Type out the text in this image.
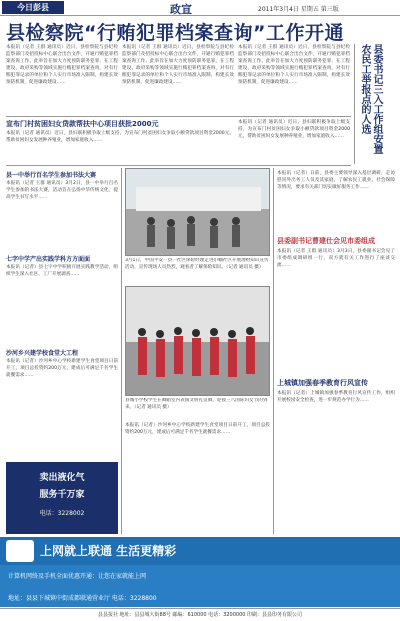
今日彭县	政宣	2011年3月4日 星期五 第三版
县检察院“行贿犯罪档案查询”工作开通
本报讯（记者 王群 通讯员）近日，县检察院与县纪检监察部门及招投标中心联合出台文件，开通行贿犯罪档案查询工作。此举旨在加大力度预防职务犯罪，在工程建设、政府采购等领域实施行贿犯罪档案查询，对有行贿犯罪记录的单位和个人实行市场准入限制，构建长效预防机制，促进廉政建设……
本报讯（记者 王群 通讯员）近日，县检察院与县纪检监察部门及招投标中心联合出台文件，开通行贿犯罪档案查询工作。此举旨在加大力度预防职务犯罪，在工程建设、政府采购等领域实施行贿犯罪档案查询，对有行贿犯罪记录的单位和个人实行市场准入限制，构建长效预防机制，促进廉政建设……
本报讯（记者 王群 通讯员）近日，县检察院与县纪检监察部门及招投标中心联合出台文件，开通行贿犯罪档案查询工作。此举旨在加大力度预防职务犯罪，在工程建设、政府采购等领域实施行贿犯罪档案查询，对有行贿犯罪记录的单位和个人实行市场准入限制，构建长效预防机制，促进廉政建设……
宣布门村贫困妇女贷款帮扶中心项目获批2000元
本报讯（记者 通讯员）近日，县妇联积极争取上级支持，为宣布门村贫困妇女争取小额贷款项目资金2000元，帮助贫困妇女发展种养殖业，增加家庭收入……
本报讯（记者 通讯员）近日，县妇联积极争取上级支持，为宣布门村贫困妇女争取小额贷款项目资金2000元，帮助贫困妇女发展种养殖业，增加家庭收入……	县委书记三入工作组安置农民工举报点的人选
县一中举行百名学生参加书法大赛
本报讯（记者 王群 通讯员）3月2日，县一中举行百名学生参加的书法大赛，活动旨在弘扬中华传统文化，提高学生书写水平……
七字中学产出实践学科方方面面
本报讯（记者）县七字中学积极开展实践教学活动，组织学生深入社区、工厂开展调查……
沙河乡兴建学校食堂大工程
本报讯（记者）沙河乡中心学校新建学生食堂项目日前开工，项目总投资约200万元，建成后可满足千名学生就餐需求……
卖出液化气
服务千万家
电话：3228002
3月1日，中国平安一县一社区保险经理走进巾帼社区开展理财知识宣传活动，宣传现场人员热烈，观看者了解保险知识。（记者 通讯员 摄）
县城小学校学生在舞蹈室内表演文明礼仪舞，迎接三八国际妇女节的到来。（记者 通讯员 摄）
县委副书记曹建仕会见市委组成
本报讯（记者 王群 通讯员）3月3日，县委副书记会见了市委组成调研组一行，双方就有关工作进行了座谈交流……
本报讯（记者）日前，县委主要领导深入基层调研，走访慰问外出务工人员及其家庭，了解农民工就业、社会保障等情况，要求有关部门切实做好服务工作……
上城镇加强春季教育行风宣传
本报讯（记者）上城镇加强春季教育行风宣传工作，组织开展校园安全检查，进一步规范办学行为……
本报讯（记者）沙河乡中心学校新建学生食堂项目日前开工，项目总投资约200万元，建成后可满足千名学生就餐需求……
上网就上联通 生活更精彩
计算机网络及手机全面优惠开通：让您在家就能上网
地址：县县下城镇中街成都联通营业厅 电话：3228800
县县报社 地址：县县城大街88号 邮编：610000 电话：3200000 印刷：县县印务有限公司
